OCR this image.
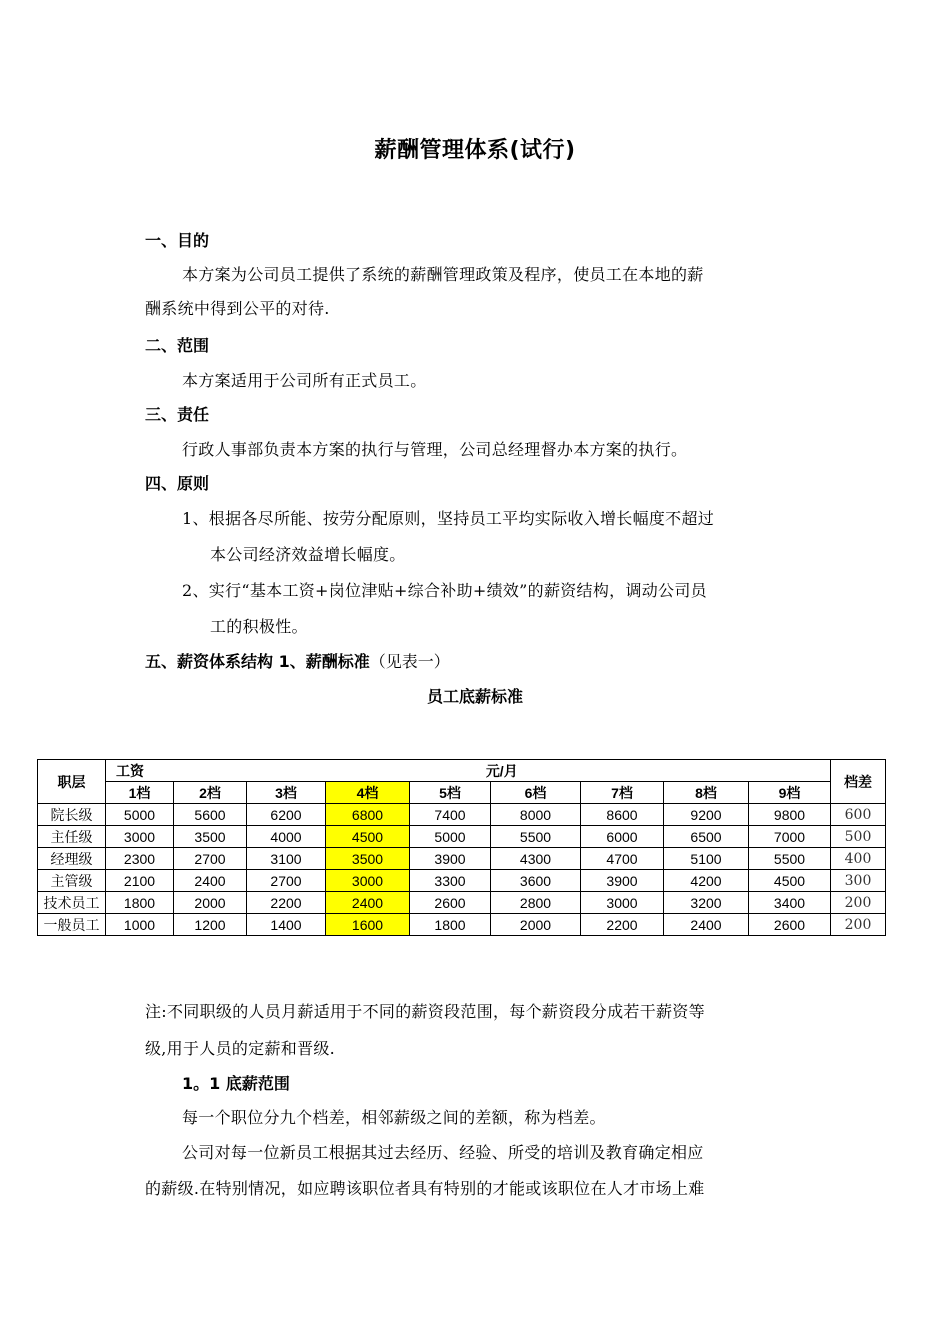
薪酬管理体系(试行)
一、目的
本方案为公司员工提供了系统的薪酬管理政策及程序，使员工在本地的薪
酬系统中得到公平的对待.
二、范围
本方案适用于公司所有正式员工。
三、责任
行政人事部负责本方案的执行与管理，公司总经理督办本方案的执行。
四、原则
1、根据各尽所能、按劳分配原则，坚持员工平均实际收入增长幅度不超过
本公司经济效益增长幅度。
2、实行“基本工资+岗位津贴+综合补助+绩效”的薪资结构，调动公司员
工的积极性。
五、薪资体系结构 1、薪酬标准（见表一）
员工底薪标准
职层	工资	元/月								档差
	1档	2档	3档	4档	5档	6档	7档	8档	9档	
院长级	5000	5600	6200	6800	7400	8000	8600	9200	9800	600
主任级	3000	3500	4000	4500	5000	5500	6000	6500	7000	500
经理级	2300	2700	3100	3500	3900	4300	4700	5100	5500	400
主管级	2100	2400	2700	3000	3300	3600	3900	4200	4500	300
技术员工	1800	2000	2200	2400	2600	2800	3000	3200	3400	200
一般员工	1000	1200	1400	1600	1800	2000	2200	2400	2600	200
注:不同职级的人员月薪适用于不同的薪资段范围，每个薪资段分成若干薪资等
级,用于人员的定薪和晋级.
1。1 底薪范围
每一个职位分九个档差，相邻薪级之间的差额，称为档差。
公司对每一位新员工根据其过去经历、经验、所受的培训及教育确定相应
的薪级.在特别情况，如应聘该职位者具有特别的才能或该职位在人才市场上难
